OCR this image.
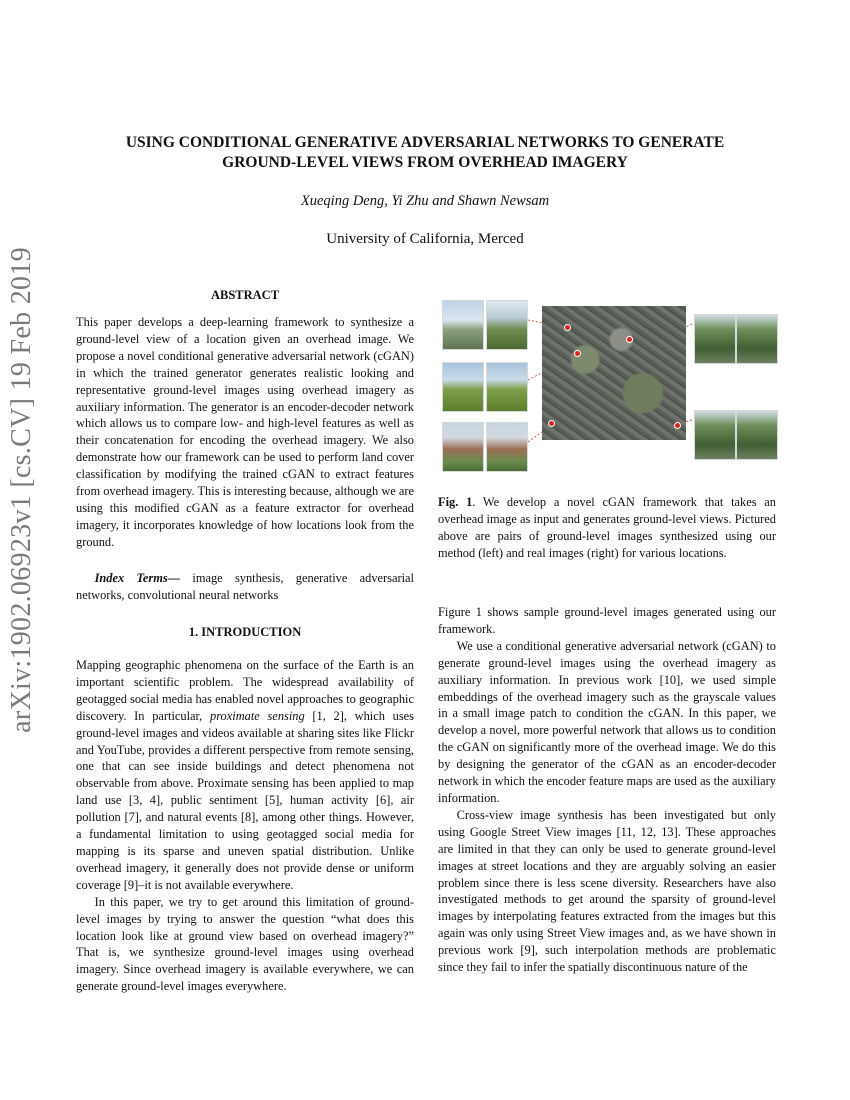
arXiv:1902.06923v1 [cs.CV] 19 Feb 2019
USING CONDITIONAL GENERATIVE ADVERSARIAL NETWORKS TO GENERATE
GROUND-LEVEL VIEWS FROM OVERHEAD IMAGERY
Xueqing Deng, Yi Zhu and Shawn Newsam
University of California, Merced
ABSTRACT

This paper develops a deep-learning framework to synthesize a ground-level view of a location given an overhead image. We propose a novel conditional generative adversarial network (cGAN) in which the trained generator generates realistic looking and representative ground-level images using overhead imagery as auxiliary information. The generator is an encoder-decoder network which allows us to compare low- and high-level features as well as their concatenation for encoding the overhead imagery. We also demonstrate how our framework can be used to perform land cover classification by modifying the trained cGAN to extract features from overhead imagery. This is interesting because, although we are using this modified cGAN as a feature extractor for overhead imagery, it incorporates knowledge of how locations look from the ground.

Index Terms— image synthesis, generative adversarial networks, convolutional neural networks

1. INTRODUCTION

Mapping geographic phenomena on the surface of the Earth is an important scientific problem. The widespread availability of geotagged social media has enabled novel approaches to geographic discovery. In particular, proximate sensing [1, 2], which uses ground-level images and videos available at sharing sites like Flickr and YouTube, provides a different perspective from remote sensing, one that can see inside buildings and detect phenomena not observable from above. Proximate sensing has been applied to map land use [3, 4], public sentiment [5], human activity [6], air pollution [7], and natural events [8], among other things. However, a fundamental limitation to using geotagged social media for mapping is its sparse and uneven spatial distribution. Unlike overhead imagery, it generally does not provide dense or uniform coverage [9]–it is not available everywhere.

In this paper, we try to get around this limitation of ground-level images by trying to answer the question “what does this location look like at ground view based on overhead imagery?” That is, we synthesize ground-level images using overhead imagery. Since overhead imagery is available everywhere, we can generate ground-level images everywhere.

Fig. 1. We develop a novel cGAN framework that takes an overhead image as input and generates ground-level views. Pictured above are pairs of ground-level images synthesized using our method (left) and real images (right) for various locations.

Figure 1 shows sample ground-level images generated using our framework.

We use a conditional generative adversarial network (cGAN) to generate ground-level images using the overhead imagery as auxiliary information. In previous work [10], we used simple embeddings of the overhead imagery such as the grayscale values in a small image patch to condition the cGAN. In this paper, we develop a novel, more powerful network that allows us to condition the cGAN on significantly more of the overhead image. We do this by designing the generator of the cGAN as an encoder-decoder network in which the encoder feature maps are used as the auxiliary information.

Cross-view image synthesis has been investigated but only using Google Street View images [11, 12, 13]. These approaches are limited in that they can only be used to generate ground-level images at street locations and they are arguably solving an easier problem since there is less scene diversity. Researchers have also investigated methods to get around the sparsity of ground-level images by interpolating features extracted from the images but this again was only using Street View images and, as we have shown in previous work [9], such interpolation methods are problematic since they fail to infer the spatially discontinuous nature of the
